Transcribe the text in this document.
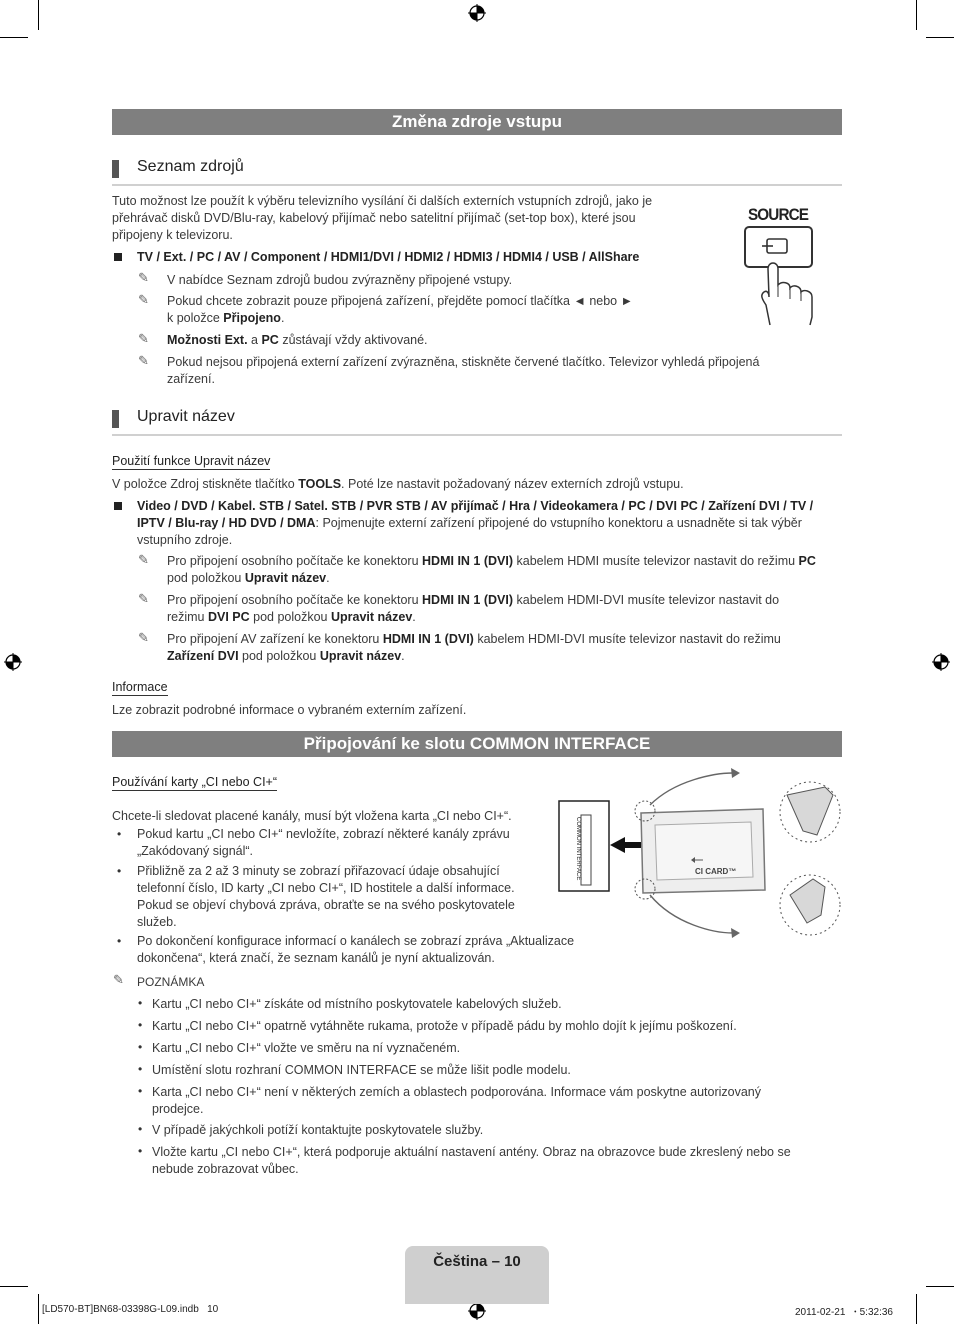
Změna zdroje vstupu
Seznam zdrojů
Tuto možnost lze použít k výběru televizního vysílání či dalších externích vstupních zdrojů, jako je přehrávač disků DVD/Blu-ray, kabelový přijímač nebo satelitní přijímač (set-top box), které jsou připojeny k televizoru.
TV / Ext. / PC / AV / Component / HDMI1/DVI / HDMI2 / HDMI3 / HDMI4 / USB / AllShare
✎ V nabídce Seznam zdrojů budou zvýrazněny připojené vstupy.
✎ Pokud chcete zobrazit pouze připojená zařízení, přejděte pomocí tlačítka ◄ nebo ►
k položce Připojeno.
✎ Možnosti Ext. a PC zůstávají vždy aktivované.
✎ Pokud nejsou připojená externí zařízení zvýrazněna, stiskněte červené tlačítko. Televizor vyhledá připojená zařízení.
SOURCE
Upravit název
Použití funkce Upravit název
V položce Zdroj stiskněte tlačítko TOOLS. Poté lze nastavit požadovaný název externích zdrojů vstupu.
Video / DVD / Kabel. STB / Satel. STB / PVR STB / AV přijímač / Hra / Videokamera / PC / DVI PC / Zařízení DVI / TV / IPTV / Blu-ray / HD DVD / DMA: Pojmenujte externí zařízení připojené do vstupního konektoru a usnadněte si tak výběr vstupního zdroje.
✎ Pro připojení osobního počítače ke konektoru HDMI IN 1 (DVI) kabelem HDMI musíte televizor nastavit do režimu PC
pod položkou Upravit název.
✎ Pro připojení osobního počítače ke konektoru HDMI IN 1 (DVI) kabelem HDMI-DVI musíte televizor nastavit do
režimu DVI PC pod položkou Upravit název.
✎ Pro připojení AV zařízení ke konektoru HDMI IN 1 (DVI) kabelem HDMI-DVI musíte televizor nastavit do režimu
Zařízení DVI pod položkou Upravit název.
Informace
Lze zobrazit podrobné informace o vybraném externím zařízení.
Připojování ke slotu COMMON INTERFACE
Používání karty „CI nebo CI+“
Chcete-li sledovat placené kanály, musí být vložena karta „CI nebo CI+“.
• Pokud kartu „CI nebo CI+“ nevložíte, zobrazí některé kanály zprávu „Zakódovaný signál“.
• Přibližně za 2 až 3 minuty se zobrazí přiřazovací údaje obsahující telefonní číslo, ID karty „CI nebo CI+“, ID hostitele a další informace. Pokud se objeví chybová zpráva, obraťte se na svého poskytovatele služeb.
• Po dokončení konfigurace informací o kanálech se zobrazí zpráva „Aktualizace dokončena“, která značí, že seznam kanálů je nyní aktualizován.
COMMON INTERFACE	CI CARD™
✎ POZNÁMKA
• Kartu „CI nebo CI+“ získáte od místního poskytovatele kabelových služeb.
• Kartu „CI nebo CI+“ opatrně vytáhněte rukama, protože v případě pádu by mohlo dojít k jejímu poškození.
• Kartu „CI nebo CI+“ vložte ve směru na ní vyznačeném.
• Umístění slotu rozhraní COMMON INTERFACE se může lišit podle modelu.
• Karta „CI nebo CI+“ není v některých zemích a oblastech podporována. Informace vám poskytne autorizovaný prodejce.
• V případě jakýchkoli potíží kontaktujte poskytovatele služby.
• Vložte kartu „CI nebo CI+“, která podporuje aktuální nastavení antény. Obraz na obrazovce bude zkreslený nebo se nebude zobrazovat vůbec.
Čeština – 10
[LD570-BT]BN68-03398G-L09.indb   10	2011-02-21   ꞏ 5:32:36
